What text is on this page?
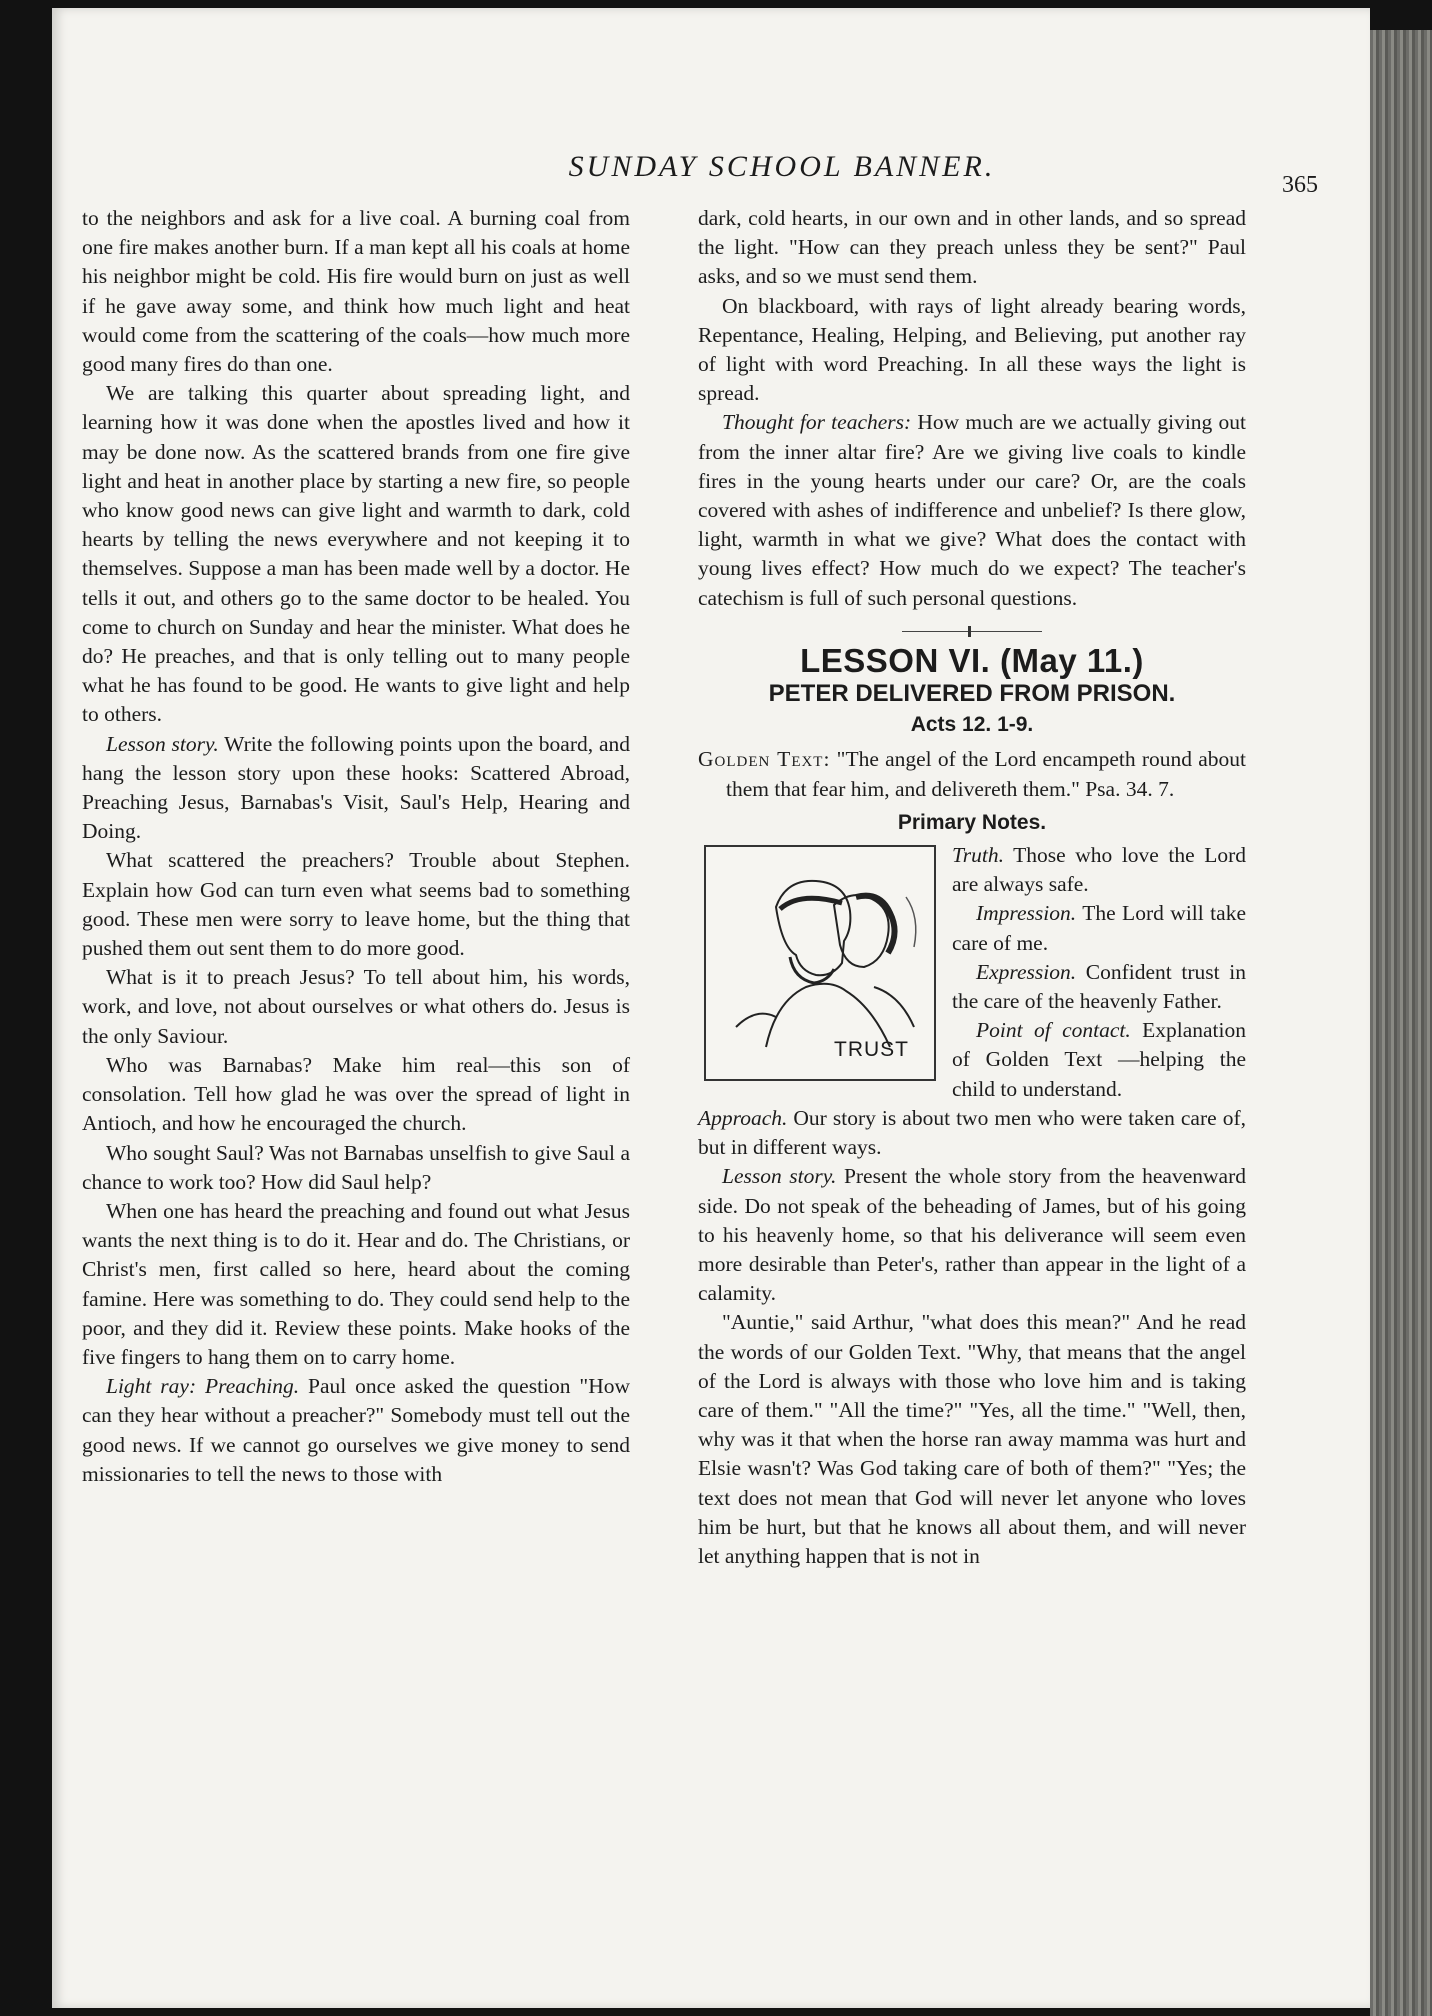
SUNDAY SCHOOL BANNER.
365

to the neighbors and ask for a live coal. A burning coal from one fire makes another burn. If a man kept all his coals at home his neighbor might be cold. His fire would burn on just as well if he gave away some, and think how much light and heat would come from the scattering of the coals—how much more good many fires do than one.

We are talking this quarter about spreading light, and learning how it was done when the apostles lived and how it may be done now. As the scattered brands from one fire give light and heat in another place by starting a new fire, so people who know good news can give light and warmth to dark, cold hearts by telling the news everywhere and not keeping it to themselves. Suppose a man has been made well by a doctor. He tells it out, and others go to the same doctor to be healed. You come to church on Sunday and hear the minister. What does he do? He preaches, and that is only telling out to many people what he has found to be good. He wants to give light and help to others.

Lesson story. Write the following points upon the board, and hang the lesson story upon these hooks: Scattered Abroad, Preaching Jesus, Barnabas's Visit, Saul's Help, Hearing and Doing.

What scattered the preachers? Trouble about Stephen. Explain how God can turn even what seems bad to something good. These men were sorry to leave home, but the thing that pushed them out sent them to do more good.

What is it to preach Jesus? To tell about him, his words, work, and love, not about ourselves or what others do. Jesus is the only Saviour.

Who was Barnabas? Make him real—this son of consolation. Tell how glad he was over the spread of light in Antioch, and how he encouraged the church.

Who sought Saul? Was not Barnabas unselfish to give Saul a chance to work too? How did Saul help?

When one has heard the preaching and found out what Jesus wants the next thing is to do it. Hear and do. The Christians, or Christ's men, first called so here, heard about the coming famine. Here was something to do. They could send help to the poor, and they did it. Review these points. Make hooks of the five fingers to hang them on to carry home.

Light ray: Preaching. Paul once asked the question "How can they hear without a preacher?" Somebody must tell out the good news. If we cannot go ourselves we give money to send missionaries to tell the news to those with

dark, cold hearts, in our own and in other lands, and so spread the light. "How can they preach unless they be sent?" Paul asks, and so we must send them.

On blackboard, with rays of light already bearing words, Repentance, Healing, Helping, and Believing, put another ray of light with word Preaching. In all these ways the light is spread.

Thought for teachers: How much are we actually giving out from the inner altar fire? Are we giving live coals to kindle fires in the young hearts under our care? Or, are the coals covered with ashes of indifference and unbelief? Is there glow, light, warmth in what we give? What does the contact with young lives effect? How much do we expect? The teacher's catechism is full of such personal questions.

LESSON VI. (May 11.)
PETER DELIVERED FROM PRISON.
Acts 12. 1-9.

Golden Text: "The angel of the Lord encampeth round about them that fear him, and delivereth them." Psa. 34. 7.

Primary Notes.
TRUST

Truth. Those who love the Lord are always safe.

Impression. The Lord will take care of me.

Expression. Confident trust in the care of the heavenly Father.

Point of contact. Explanation of Golden Text —helping the child to understand.

Approach. Our story is about two men who were taken care of, but in different ways.

Lesson story. Present the whole story from the heavenward side. Do not speak of the beheading of James, but of his going to his heavenly home, so that his deliverance will seem even more desirable than Peter's, rather than appear in the light of a calamity.

"Auntie," said Arthur, "what does this mean?" And he read the words of our Golden Text. "Why, that means that the angel of the Lord is always with those who love him and is taking care of them." "All the time?" "Yes, all the time." "Well, then, why was it that when the horse ran away mamma was hurt and Elsie wasn't? Was God taking care of both of them?" "Yes; the text does not mean that God will never let anyone who loves him be hurt, but that he knows all about them, and will never let anything happen that is not in
